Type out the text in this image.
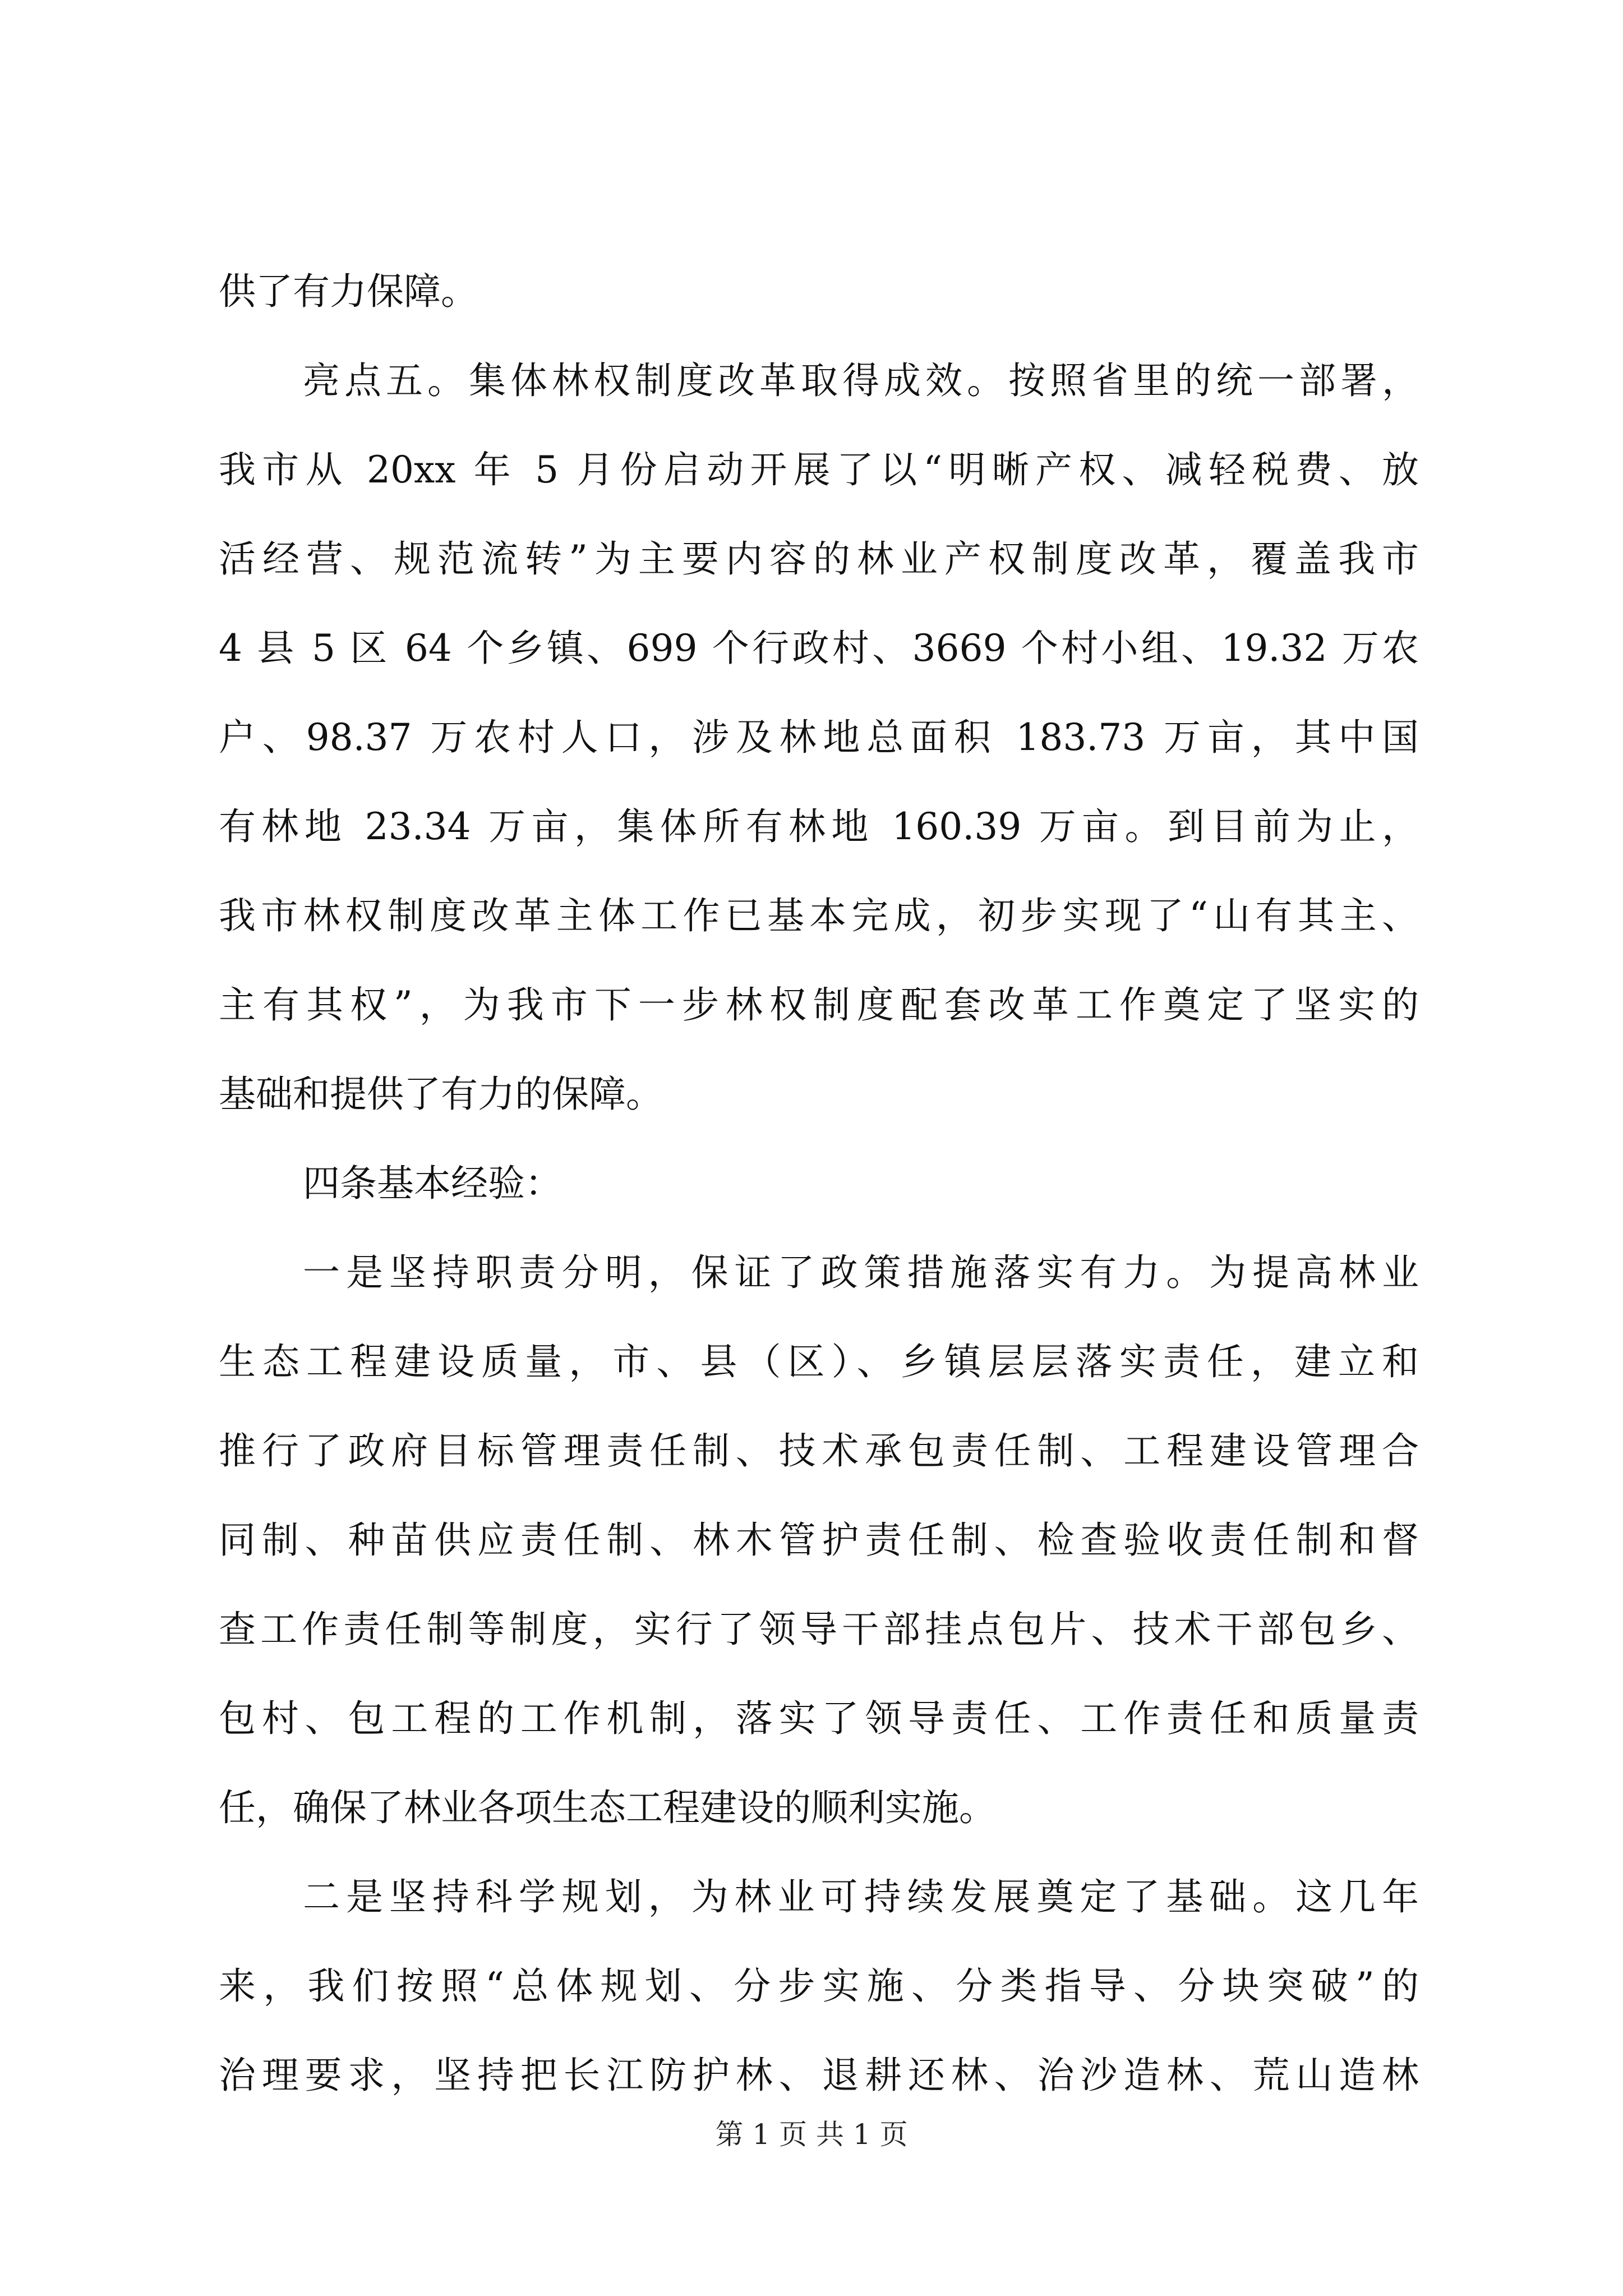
供了有力保障。
亮点五。集体林权制度改革取得成效。按照省里的统一部署，
我市从 20xx 年 5 月份启动开展了以“明晰产权、减轻税费、放
活经营、规范流转”为主要内容的林业产权制度改革，覆盖我市
4 县 5 区 64 个乡镇、699 个行政村、3669 个村小组、19.32 万农
户、98.37 万农村人口，涉及林地总面积 183.73 万亩，其中国
有林地 23.34 万亩，集体所有林地 160.39 万亩。到目前为止，
我市林权制度改革主体工作已基本完成，初步实现了“山有其主、
主有其权”，为我市下一步林权制度配套改革工作奠定了坚实的
基础和提供了有力的保障。
四条基本经验：
一是坚持职责分明，保证了政策措施落实有力。为提高林业
生态工程建设质量，市、县（区）、乡镇层层落实责任，建立和
推行了政府目标管理责任制、技术承包责任制、工程建设管理合
同制、种苗供应责任制、林木管护责任制、检查验收责任制和督
查工作责任制等制度，实行了领导干部挂点包片、技术干部包乡、
包村、包工程的工作机制，落实了领导责任、工作责任和质量责
任，确保了林业各项生态工程建设的顺利实施。
二是坚持科学规划，为林业可持续发展奠定了基础。这几年
来，我们按照“总体规划、分步实施、分类指导、分块突破”的
治理要求，坚持把长江防护林、退耕还林、治沙造林、荒山造林
第 1 页 共 1 页
